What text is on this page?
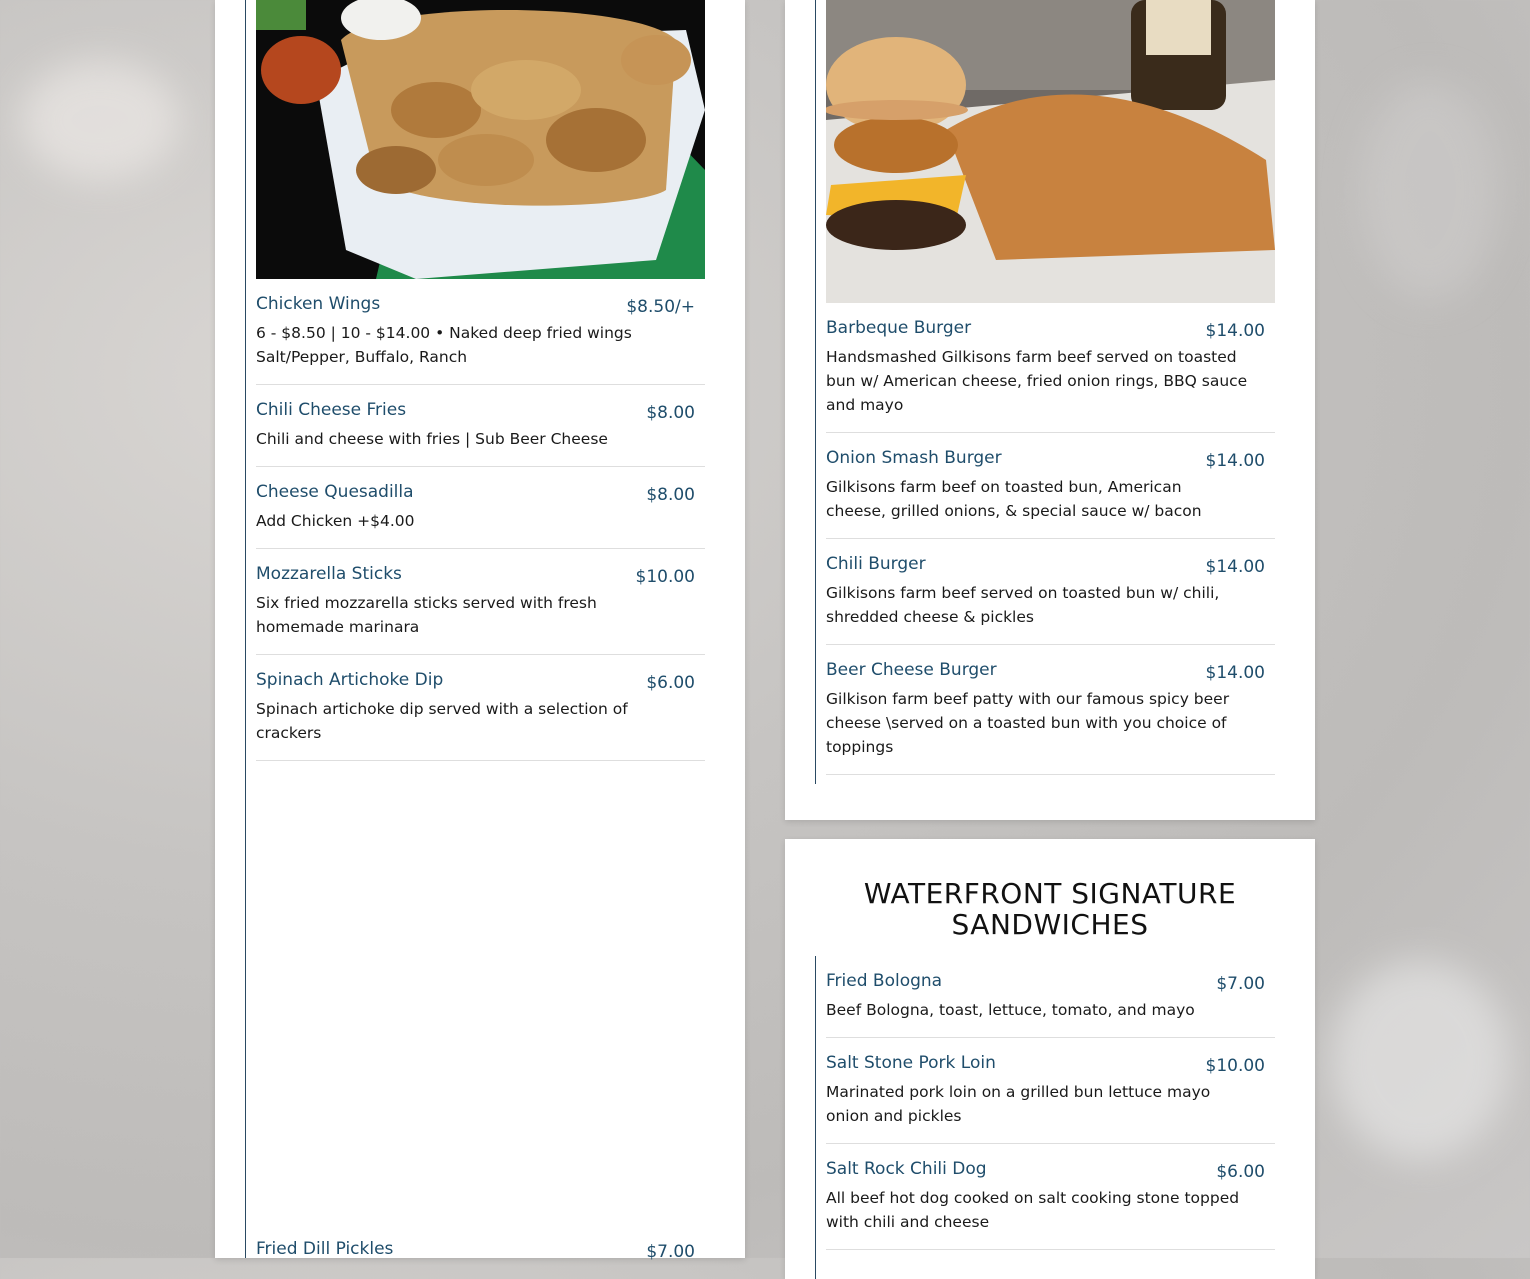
Chicken Wings	$8.50/+
6 - $8.50 | 10 - $14.00 • Naked deep fried wings Salt/Pepper, Buffalo, Ranch
Chili Cheese Fries	$8.00
Chili and cheese with fries | Sub Beer Cheese
Cheese Quesadilla	$8.00
Add Chicken +$4.00
Mozzarella Sticks	$10.00
Six fried mozzarella sticks served with fresh homemade marinara
Spinach Artichoke Dip	$6.00
Spinach artichoke dip served with a selection of crackers
Fried Dill Pickles	$7.00
Barbeque Burger	$14.00
Handsmashed Gilkisons farm beef served on toasted bun w/ American cheese, fried onion rings, BBQ sauce and mayo
Onion Smash Burger	$14.00
Gilkisons farm beef on toasted bun, American cheese, grilled onions, & special sauce w/ bacon
Chili Burger	$14.00
Gilkisons farm beef served on toasted bun w/ chili, shredded cheese & pickles
Beer Cheese Burger	$14.00
Gilkison farm beef patty with our famous spicy beer cheese \served on a toasted bun with you choice of toppings
WATERFRONT SIGNATURE SANDWICHES
Fried Bologna	$7.00
Beef Bologna, toast, lettuce, tomato, and mayo
Salt Stone Pork Loin	$10.00
Marinated pork loin on a grilled bun lettuce mayo onion and pickles
Salt Rock Chili Dog	$6.00
All beef hot dog cooked on salt cooking stone topped with chili and cheese
